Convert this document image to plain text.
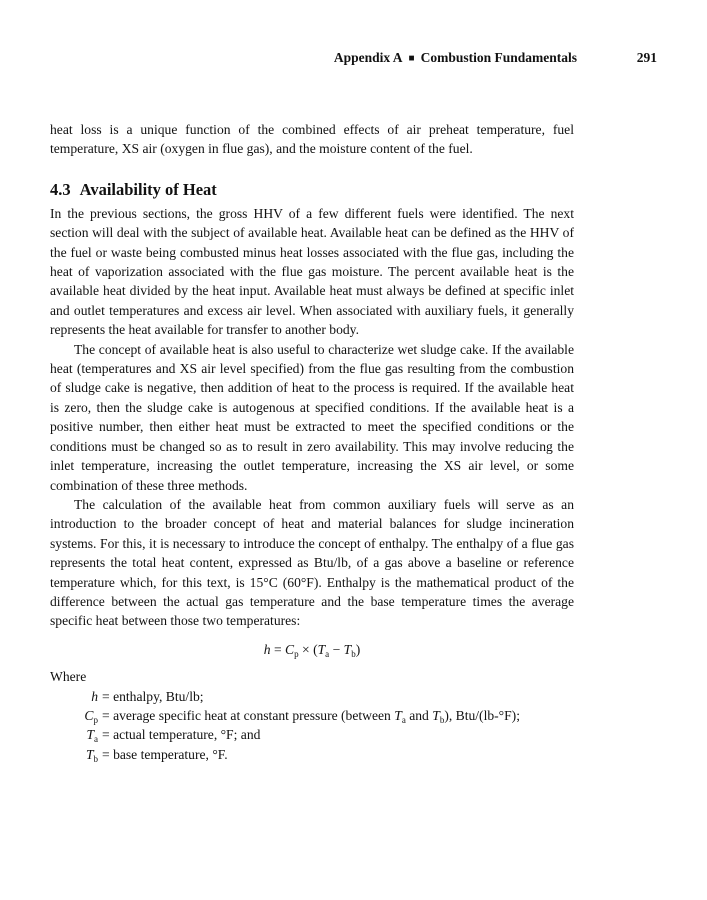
Appendix A ■ Combustion Fundamentals	291

heat loss is a unique function of the combined effects of air preheat temperature, fuel temperature, XS air (oxygen in flue gas), and the moisture content of the fuel.

4.3 Availability of Heat

In the previous sections, the gross HHV of a few different fuels were identified. The next section will deal with the subject of available heat. Available heat can be defined as the HHV of the fuel or waste being combusted minus heat losses associated with the flue gas, including the heat of vaporization associated with the flue gas moisture. The percent available heat is the available heat divided by the heat input. Available heat must always be defined at specific inlet and outlet temperatures and excess air level. When associated with auxiliary fuels, it generally represents the heat available for transfer to another body.

The concept of available heat is also useful to characterize wet sludge cake. If the available heat (temperatures and XS air level specified) from the flue gas resulting from the combustion of sludge cake is negative, then addition of heat to the process is required. If the available heat is zero, then the sludge cake is autogenous at specified conditions. If the available heat is a positive number, then either heat must be extracted to meet the specified conditions or the conditions must be changed so as to result in zero availability. This may involve reducing the inlet temperature, increasing the outlet temperature, increasing the XS air level, or some combination of these three methods.

The calculation of the available heat from common auxiliary fuels will serve as an introduction to the broader concept of heat and material balances for sludge incineration systems. For this, it is necessary to introduce the concept of enthalpy. The enthalpy of a flue gas represents the total heat content, expressed as Btu/lb, of a gas above a baseline or reference temperature which, for this text, is 15°C (60°F). Enthalpy is the mathematical product of the difference between the actual gas temperature and the base temperature times the average specific heat between those two temperatures:

$h = C_p \times (T_a - T_b)$
Where
h = enthalpy, Btu/lb;
$C_p$ = average specific heat at constant pressure (between $T_a$ and $T_b$), Btu/(lb-°F);
$T_a$ = actual temperature, °F; and
$T_b$ = base temperature, °F.
